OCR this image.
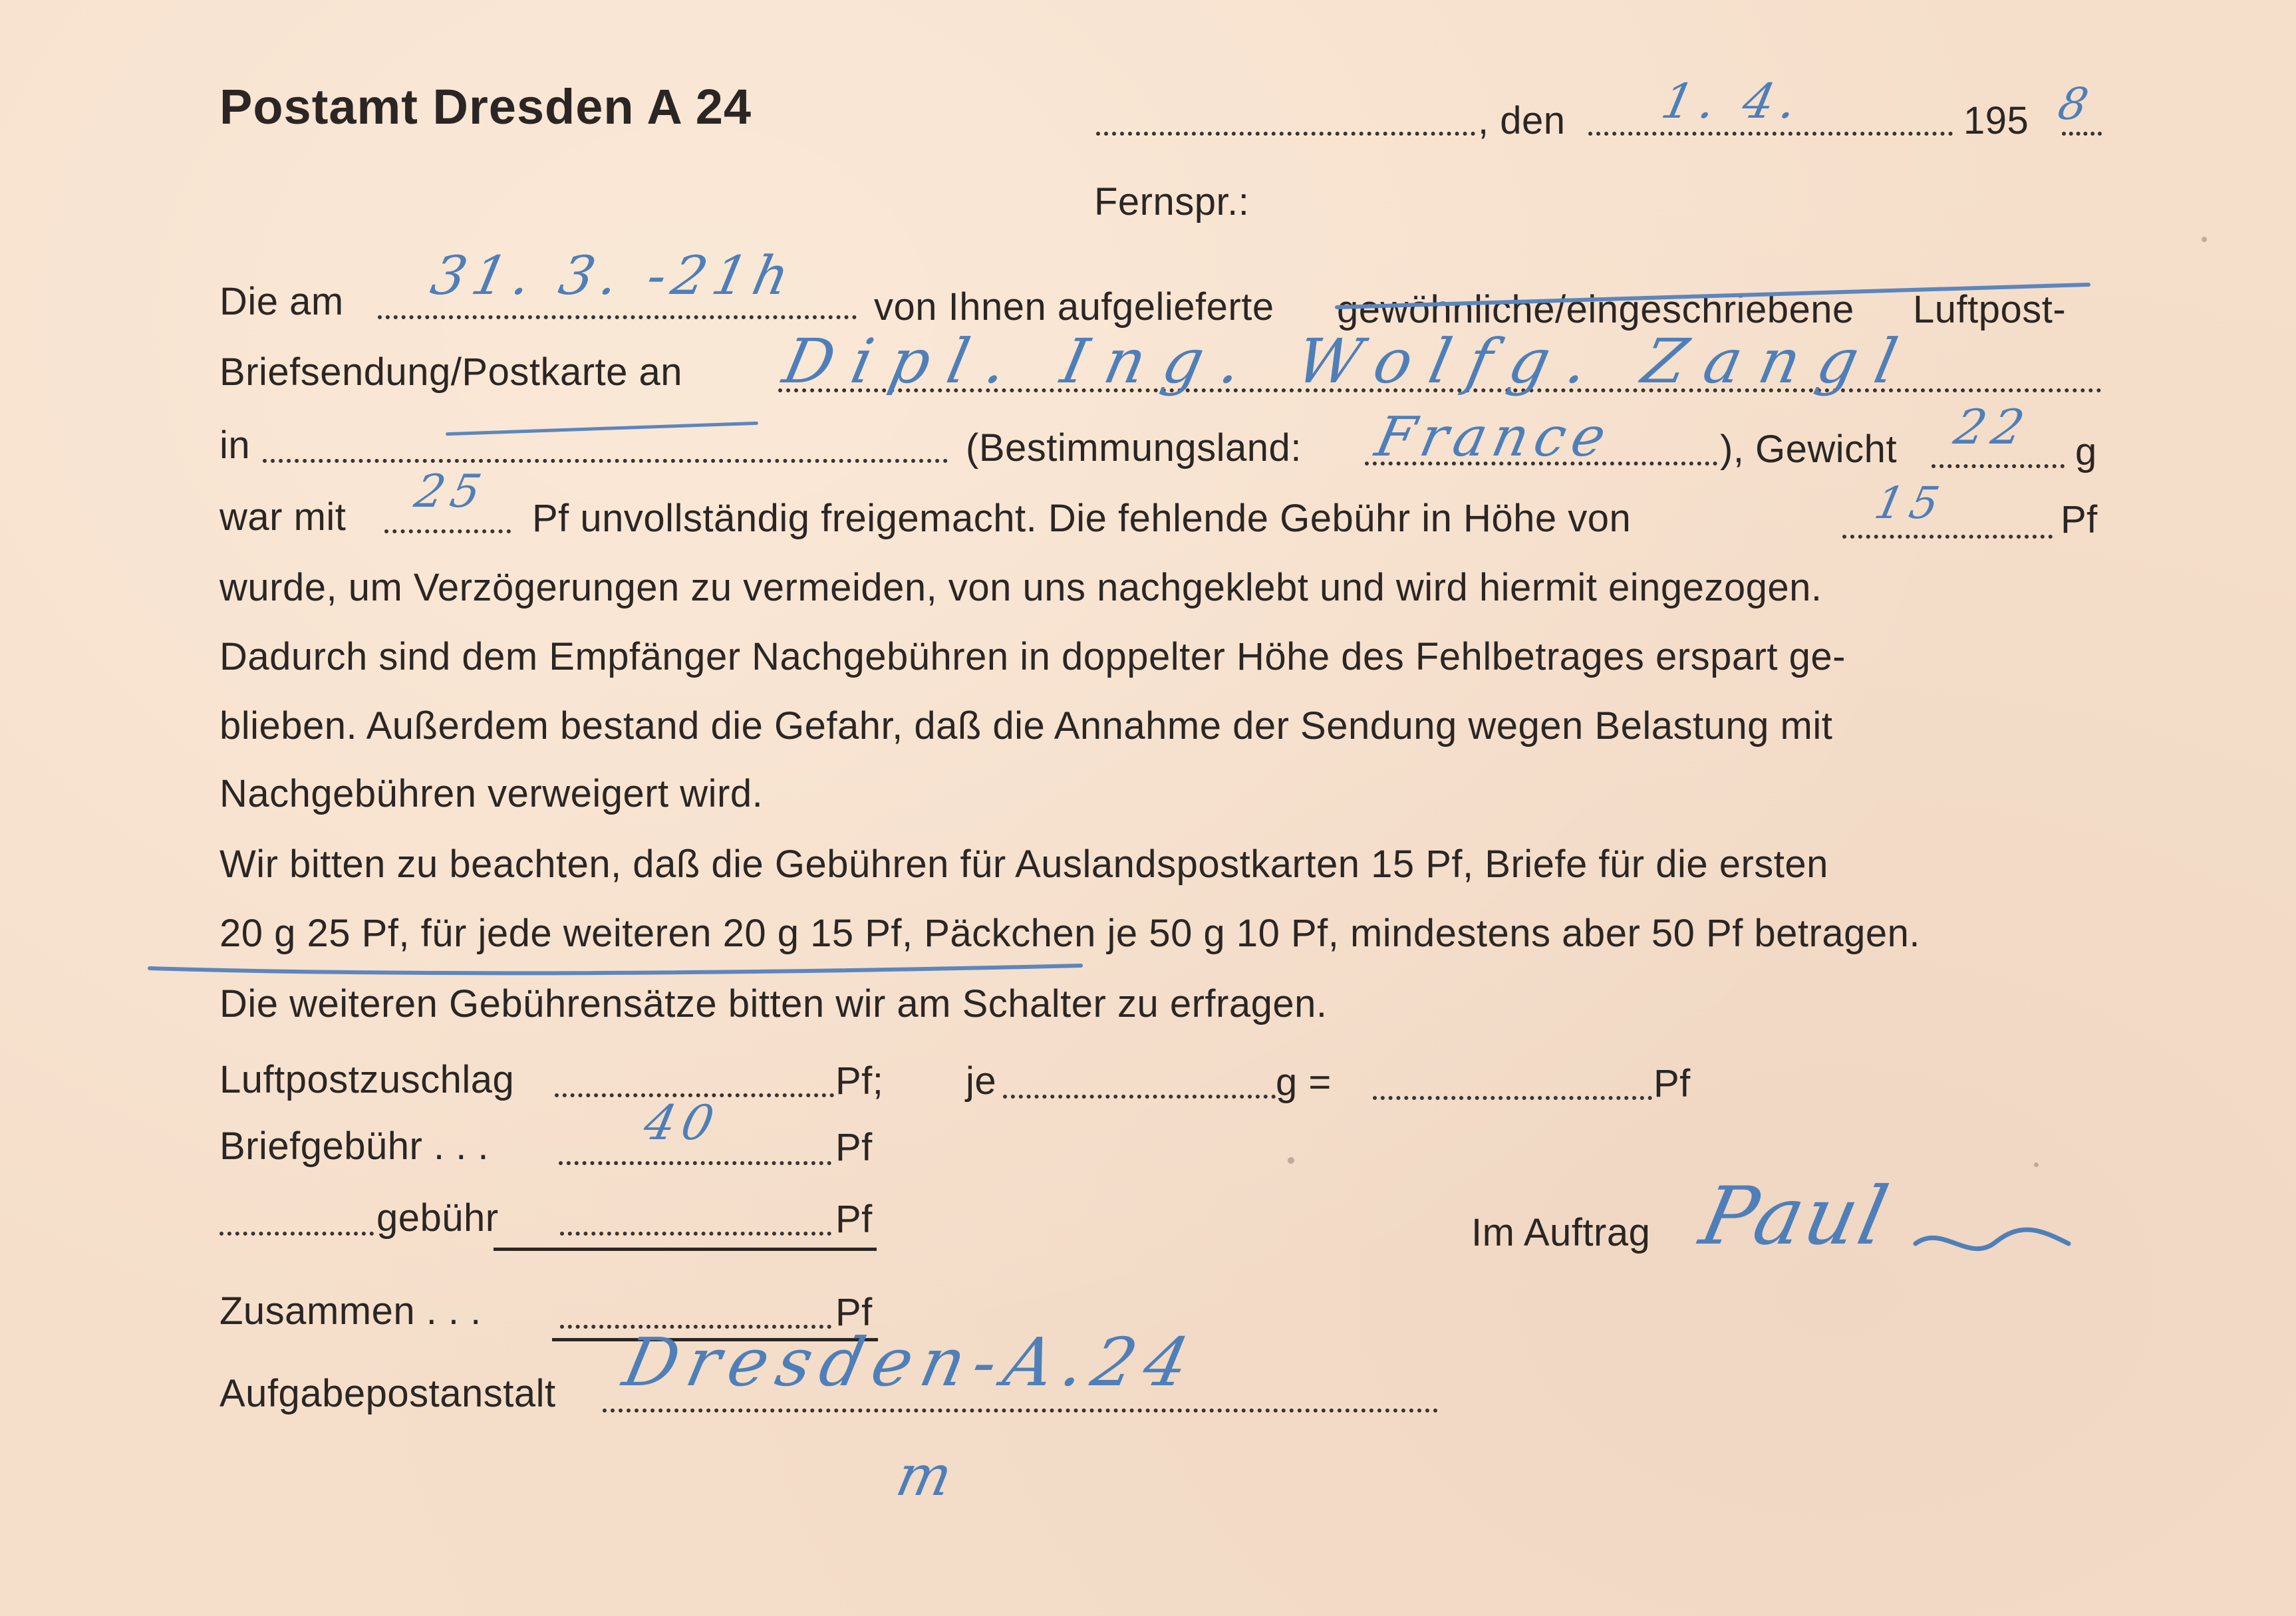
Postamt Dresden A 24	, den 1. 4.	195 8
Fernspr.:
Die am 31. 3. -21h
von Ihnen aufgelieferte gewöhnliche/eingeschriebene Luftpost-
Briefsendung/Postkarte an Dipl. Ing. Wolfg. Zangl
in	(Bestimmungsland: France	), Gewicht 22 g
war mit 25
Pf unvollständig freigemacht. Die fehlende Gebühr in Höhe von	15	Pf
wurde, um Verzögerungen zu vermeiden, von uns nachgeklebt und wird hiermit eingezogen.
Dadurch sind dem Empfänger Nachgebühren in doppelter Höhe des Fehlbetrages erspart ge-
blieben. Außerdem bestand die Gefahr, daß die Annahme der Sendung wegen Belastung mit
Nachgebühren verweigert wird.
Wir bitten zu beachten, daß die Gebühren für Auslandspostkarten 15 Pf, Briefe für die ersten
20 g 25 Pf, für jede weiteren 20 g 15 Pf, Päckchen je 50 g 10 Pf, mindestens aber 50 Pf betragen.
Die weiteren Gebührensätze bitten wir am Schalter zu erfragen.
Luftpostzuschlag	Pf; je	g =	Pf
Briefgebühr . . .	40	Pf
gebühr	Pf
Zusammen . . .	Pf
Aufgabepostanstalt Dresden-A.24
m
Im Auftrag Paul
